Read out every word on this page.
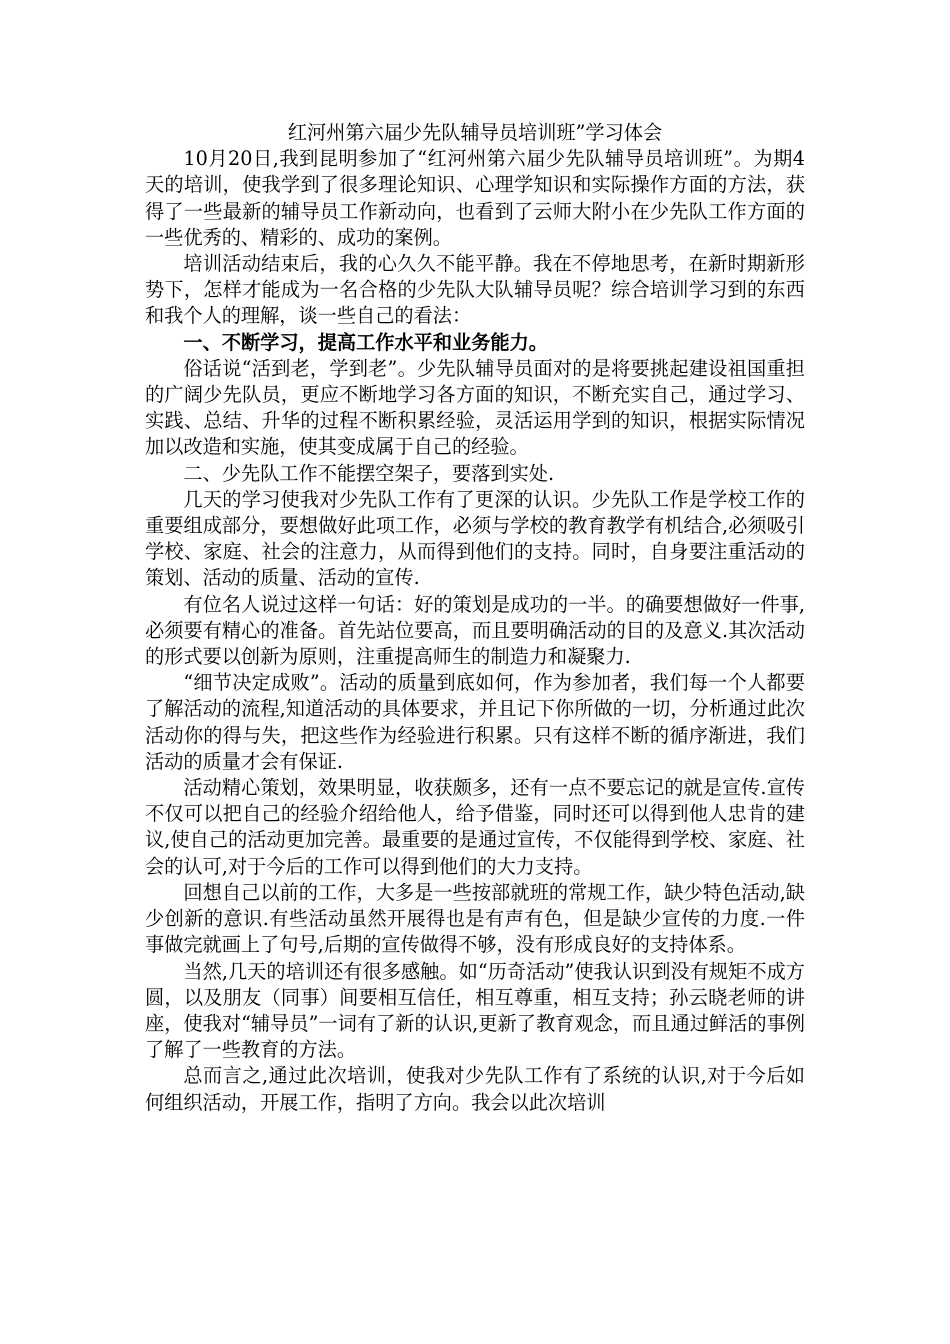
红河州第六届少先队辅导员培训班”学习体会

10月20日,我到昆明参加了“红河州第六届少先队辅导员培训班”。为期4天的培训，使我学到了很多理论知识、心理学知识和实际操作方面的方法，获得了一些最新的辅导员工作新动向，也看到了云师大附小在少先队工作方面的一些优秀的、精彩的、成功的案例。

培训活动结束后，我的心久久不能平静。我在不停地思考，在新时期新形势下，怎样才能成为一名合格的少先队大队辅导员呢？综合培训学习到的东西和我个人的理解，谈一些自己的看法：

一、不断学习，提高工作水平和业务能力。

俗话说“活到老，学到老”。少先队辅导员面对的是将要挑起建设祖国重担的广阔少先队员，更应不断地学习各方面的知识，不断充实自己，通过学习、实践、总结、升华的过程不断积累经验，灵活运用学到的知识，根据实际情况加以改造和实施，使其变成属于自己的经验。

二、少先队工作不能摆空架子，要落到实处.

几天的学习使我对少先队工作有了更深的认识。少先队工作是学校工作的重要组成部分，要想做好此项工作，必须与学校的教育教学有机结合,必须吸引学校、家庭、社会的注意力，从而得到他们的支持。同时，自身要注重活动的策划、活动的质量、活动的宣传.

有位名人说过这样一句话：好的策划是成功的一半。的确要想做好一件事,必须要有精心的准备。首先站位要高，而且要明确活动的目的及意义.其次活动的形式要以创新为原则，注重提高师生的制造力和凝聚力.

“细节决定成败”。活动的质量到底如何，作为参加者，我们每一个人都要了解活动的流程,知道活动的具体要求，并且记下你所做的一切，分析通过此次活动你的得与失，把这些作为经验进行积累。只有这样不断的循序渐进，我们活动的质量才会有保证.

活动精心策划，效果明显，收获颇多，还有一点不要忘记的就是宣传.宣传不仅可以把自己的经验介绍给他人，给予借鉴，同时还可以得到他人忠肯的建议,使自己的活动更加完善。最重要的是通过宣传，不仅能得到学校、家庭、社会的认可,对于今后的工作可以得到他们的大力支持。

回想自己以前的工作，大多是一些按部就班的常规工作，缺少特色活动,缺少创新的意识.有些活动虽然开展得也是有声有色，但是缺少宣传的力度.一件事做完就画上了句号,后期的宣传做得不够，没有形成良好的支持体系。

当然,几天的培训还有很多感触。如“历奇活动”使我认识到没有规矩不成方圆，以及朋友（同事）间要相互信任，相互尊重，相互支持；孙云晓老师的讲座，使我对“辅导员”一词有了新的认识,更新了教育观念，而且通过鲜活的事例了解了一些教育的方法。

总而言之,通过此次培训，使我对少先队工作有了系统的认识,对于今后如何组织活动，开展工作，指明了方向。我会以此次培训
